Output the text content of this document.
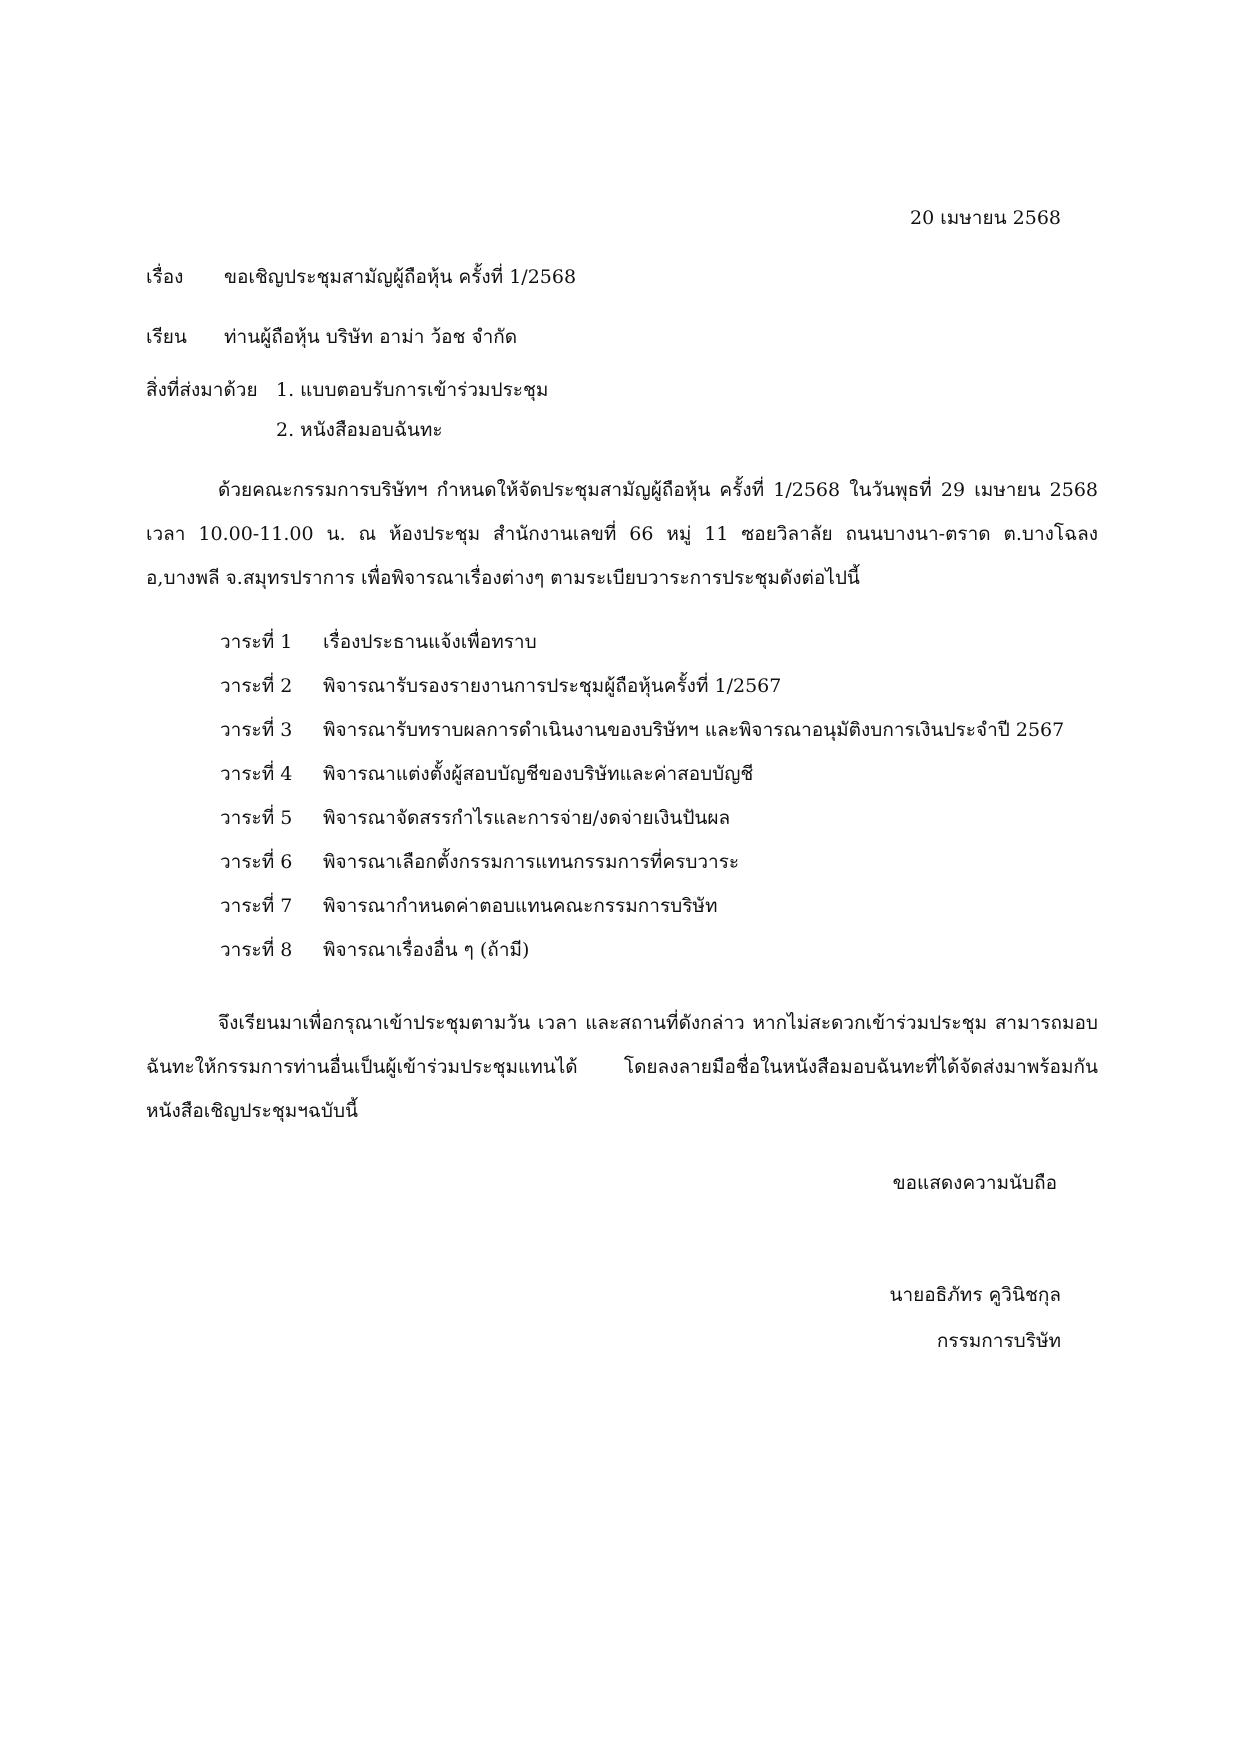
20 เมษายน 2568
เรื่อง ขอเชิญประชุมสามัญผู้ถือหุ้น ครั้งที่ 1/2568
เรียน ท่านผู้ถือหุ้น บริษัท อาม่า ว้อช จำกัด
สิ่งที่ส่งมาด้วย 1. แบบตอบรับการเข้าร่วมประชุม
2. หนังสือมอบฉันทะ
ด้วยคณะกรรมการบริษัทฯ กำหนดให้จัดประชุมสามัญผู้ถือหุ้น ครั้งที่ 1/2568 ในวันพุธที่ 29 เมษายน 2568 เวลา 10.00-11.00 น. ณ ห้องประชุม สำนักงานเลขที่ 66 หมู่ 11 ซอยวิลาลัย ถนนบางนา-ตราด ต.บางโฉลง อ,บางพลี จ.สมุทรปราการ เพื่อพิจารณาเรื่องต่างๆ ตามระเบียบวาระการประชุมดังต่อไปนี้
วาระที่ 1 เรื่องประธานแจ้งเพื่อทราบ
วาระที่ 2 พิจารณารับรองรายงานการประชุมผู้ถือหุ้นครั้งที่ 1/2567
วาระที่ 3 พิจารณารับทราบผลการดำเนินงานของบริษัทฯ และพิจารณาอนุมัติงบการเงินประจำปี 2567
วาระที่ 4 พิจารณาแต่งตั้งผู้สอบบัญชีของบริษัทและค่าสอบบัญชี
วาระที่ 5 พิจารณาจัดสรรกำไรและการจ่าย/งดจ่ายเงินปันผล
วาระที่ 6 พิจารณาเลือกตั้งกรรมการแทนกรรมการที่ครบวาระ
วาระที่ 7 พิจารณากำหนดค่าตอบแทนคณะกรรมการบริษัท
วาระที่ 8 พิจารณาเรื่องอื่น ๆ (ถ้ามี)
จึงเรียนมาเพื่อกรุณาเข้าประชุมตามวัน เวลา และสถานที่ดังกล่าว หากไม่สะดวกเข้าร่วมประชุม สามารถมอบฉันทะให้กรรมการท่านอื่นเป็นผู้เข้าร่วมประชุมแทนได้ โดยลงลายมือชื่อในหนังสือมอบฉันทะที่ได้จัดส่งมาพร้อมกันหนังสือเชิญประชุมฯฉบับนี้
ขอแสดงความนับถือ
นายอธิภัทร คูวินิชกุล
กรรมการบริษัท
